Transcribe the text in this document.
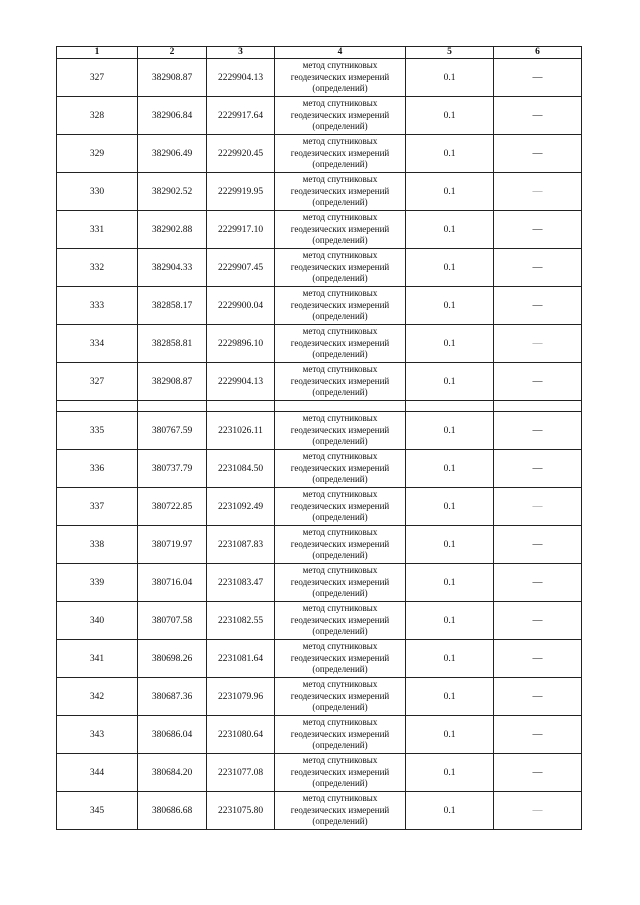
1	2	3	4	5	6
327	382908.87	2229904.13	метод спутниковых
геодезических измерений
(определений)	0.1	—
328	382906.84	2229917.64	метод спутниковых
геодезических измерений
(определений)	0.1	—
329	382906.49	2229920.45	метод спутниковых
геодезических измерений
(определений)	0.1	—
330	382902.52	2229919.95	метод спутниковых
геодезических измерений
(определений)	0.1	—
331	382902.88	2229917.10	метод спутниковых
геодезических измерений
(определений)	0.1	—
332	382904.33	2229907.45	метод спутниковых
геодезических измерений
(определений)	0.1	—
333	382858.17	2229900.04	метод спутниковых
геодезических измерений
(определений)	0.1	—
334	382858.81	2229896.10	метод спутниковых
геодезических измерений
(определений)	0.1	—
327	382908.87	2229904.13	метод спутниковых
геодезических измерений
(определений)	0.1	—

335	380767.59	2231026.11	метод спутниковых
геодезических измерений
(определений)	0.1	—
336	380737.79	2231084.50	метод спутниковых
геодезических измерений
(определений)	0.1	—
337	380722.85	2231092.49	метод спутниковых
геодезических измерений
(определений)	0.1	—
338	380719.97	2231087.83	метод спутниковых
геодезических измерений
(определений)	0.1	—
339	380716.04	2231083.47	метод спутниковых
геодезических измерений
(определений)	0.1	—
340	380707.58	2231082.55	метод спутниковых
геодезических измерений
(определений)	0.1	—
341	380698.26	2231081.64	метод спутниковых
геодезических измерений
(определений)	0.1	—
342	380687.36	2231079.96	метод спутниковых
геодезических измерений
(определений)	0.1	—
343	380686.04	2231080.64	метод спутниковых
геодезических измерений
(определений)	0.1	—
344	380684.20	2231077.08	метод спутниковых
геодезических измерений
(определений)	0.1	—
345	380686.68	2231075.80	метод спутниковых
геодезических измерений
(определений)	0.1	—
